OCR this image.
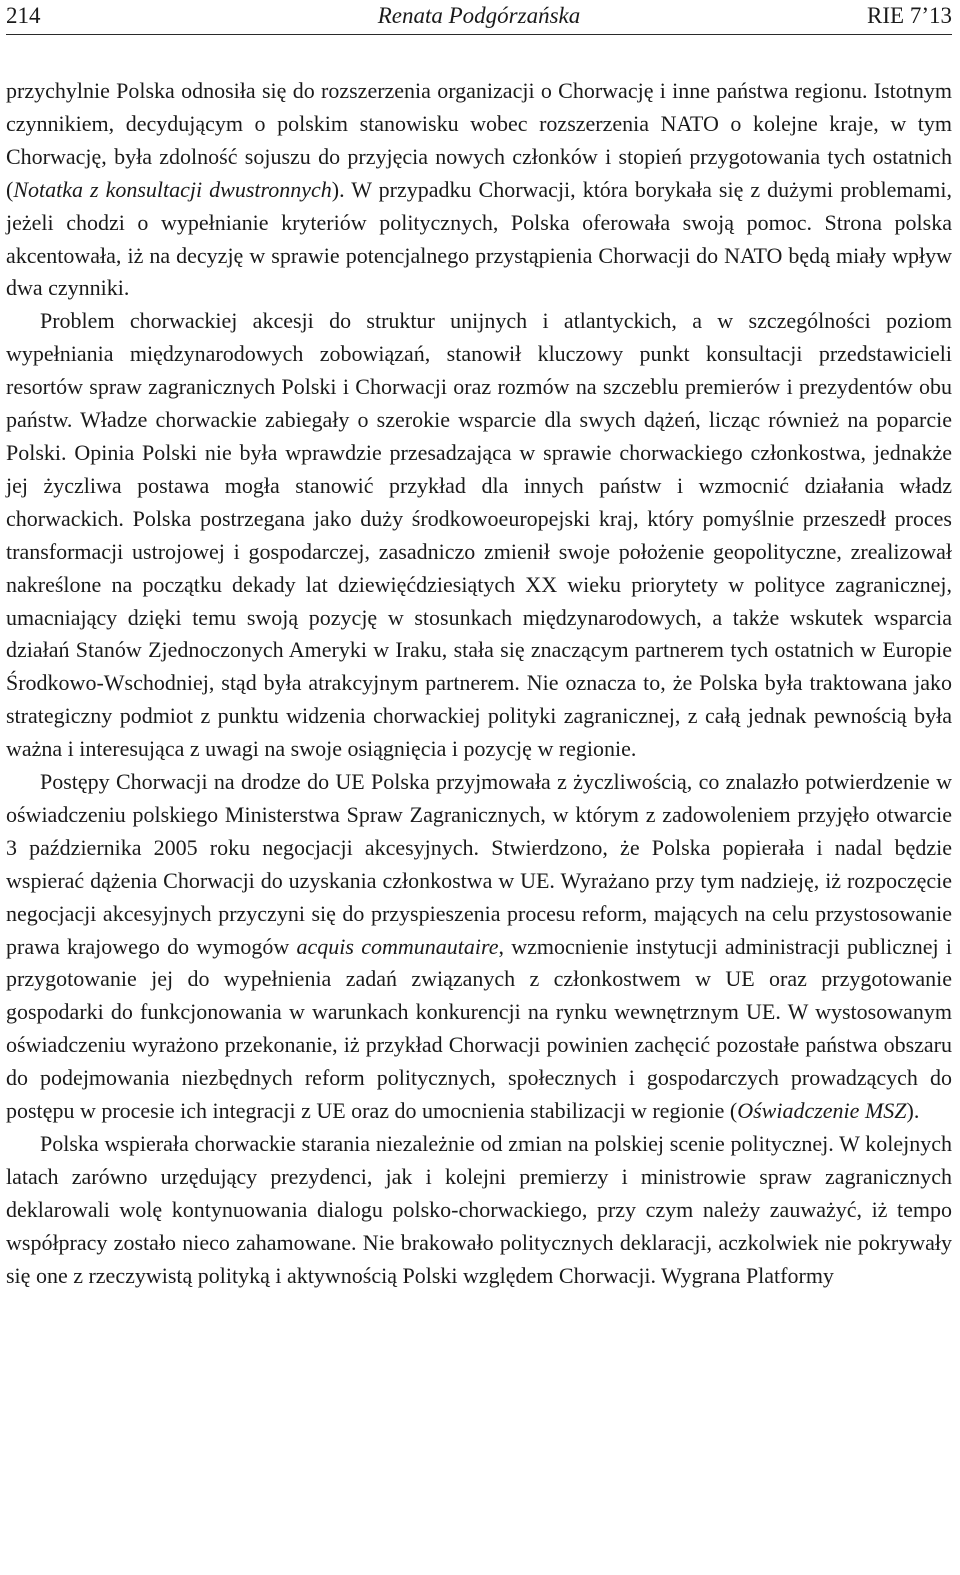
214	Renata Podgórzańska	RIE 7’13

przychylnie Polska odnosiła się do rozszerzenia organizacji o Chorwację i inne państwa regionu. Istotnym czynnikiem, decydującym o polskim stanowisku wobec rozszerzenia NATO o kolejne kraje, w tym Chorwację, była zdolność sojuszu do przyjęcia nowych członków i stopień przygotowania tych ostatnich (Notatka z konsultacji dwustronnych). W przypadku Chorwacji, która borykała się z dużymi problemami, jeżeli chodzi o wypełnianie kryteriów politycznych, Polska oferowała swoją pomoc. Strona polska akcentowała, iż na decyzję w sprawie potencjalnego przystąpienia Chorwacji do NATO będą miały wpływ dwa czynniki.

Problem chorwackiej akcesji do struktur unijnych i atlantyckich, a w szczególności poziom wypełniania międzynarodowych zobowiązań, stanowił kluczowy punkt konsultacji przedstawicieli resortów spraw zagranicznych Polski i Chorwacji oraz rozmów na szczeblu premierów i prezydentów obu państw. Władze chorwackie zabiegały o szerokie wsparcie dla swych dążeń, licząc również na poparcie Polski. Opinia Polski nie była wprawdzie przesadzająca w sprawie chorwackiego członkostwa, jednakże jej życzliwa postawa mogła stanowić przykład dla innych państw i wzmocnić działania władz chorwackich. Polska postrzegana jako duży środkowoeuropejski kraj, który pomyślnie przeszedł proces transformacji ustrojowej i gospodarczej, zasadniczo zmienił swoje położenie geopolityczne, zrealizował nakreślone na początku dekady lat dziewięćdziesiątych XX wieku priorytety w polityce zagranicznej, umacniający dzięki temu swoją pozycję w stosunkach międzynarodowych, a także wskutek wsparcia działań Stanów Zjednoczonych Ameryki w Iraku, stała się znaczącym partnerem tych ostatnich w Europie Środkowo-Wschodniej, stąd była atrakcyjnym partnerem. Nie oznacza to, że Polska była traktowana jako strategiczny podmiot z punktu widzenia chorwackiej polityki zagranicznej, z całą jednak pewnością była ważna i interesująca z uwagi na swoje osiągnięcia i pozycję w regionie.

Postępy Chorwacji na drodze do UE Polska przyjmowała z życzliwością, co znalazło potwierdzenie w oświadczeniu polskiego Ministerstwa Spraw Zagranicznych, w którym z zadowoleniem przyjęło otwarcie 3 października 2005 roku negocjacji akcesyjnych. Stwierdzono, że Polska popierała i nadal będzie wspierać dążenia Chorwacji do uzyskania członkostwa w UE. Wyrażano przy tym nadzieję, iż rozpoczęcie negocjacji akcesyjnych przyczyni się do przyspieszenia procesu reform, mających na celu przystosowanie prawa krajowego do wymogów acquis communautaire, wzmocnienie instytucji administracji publicznej i przygotowanie jej do wypełnienia zadań związanych z członkostwem w UE oraz przygotowanie gospodarki do funkcjonowania w warunkach konkurencji na rynku wewnętrznym UE. W wystosowanym oświadczeniu wyrażono przekonanie, iż przykład Chorwacji powinien zachęcić pozostałe państwa obszaru do podejmowania niezbędnych reform politycznych, społecznych i gospodarczych prowadzących do postępu w procesie ich integracji z UE oraz do umocnienia stabilizacji w regionie (Oświadczenie MSZ).

Polska wspierała chorwackie starania niezależnie od zmian na polskiej scenie politycznej. W kolejnych latach zarówno urzędujący prezydenci, jak i kolejni premierzy i ministrowie spraw zagranicznych deklarowali wolę kontynuowania dialogu polsko-chorwackiego, przy czym należy zauważyć, iż tempo współpracy zostało nieco zahamowane. Nie brakowało politycznych deklaracji, aczkolwiek nie pokrywały się one z rzeczywistą polityką i aktywnością Polski względem Chorwacji. Wygrana Platformy
